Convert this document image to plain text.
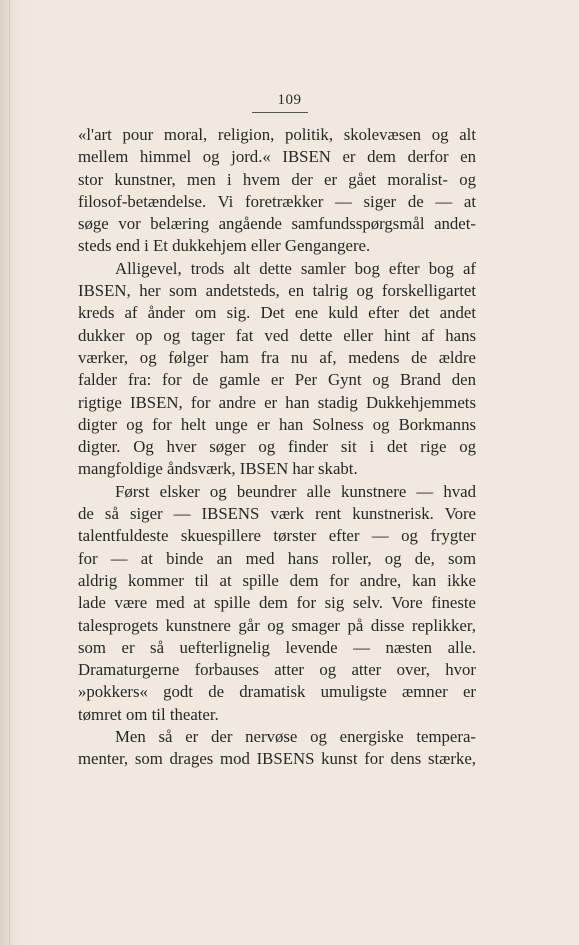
109
«l'art pour moral, religion, politik, skolevæsen og alt
mellem himmel og jord.« IBSEN er dem derfor en
stor kunstner, men i hvem der er gået moralist- og
filosof-betændelse. Vi foretrækker — siger de — at
søge vor belæring angående samfundsspørgsmål andet-
steds end i Et dukkehjem eller Gengangere.
Alligevel, trods alt dette samler bog efter bog af
IBSEN, her som andetsteds, en talrig og forskelligartet
kreds af ånder om sig. Det ene kuld efter det andet
dukker op og tager fat ved dette eller hint af hans
værker, og følger ham fra nu af, medens de ældre
falder fra: for de gamle er Per Gynt og Brand den
rigtige IBSEN, for andre er han stadig Dukkehjemmets
digter og for helt unge er han Solness og Borkmanns
digter. Og hver søger og finder sit i det rige og
mangfoldige åndsværk, IBSEN har skabt.
Først elsker og beundrer alle kunstnere — hvad
de så siger — IBSENS værk rent kunstnerisk. Vore
talentfuldeste skuespillere tørster efter — og frygter
for — at binde an med hans roller, og de, som
aldrig kommer til at spille dem for andre, kan ikke
lade være med at spille dem for sig selv. Vore fineste
talesprogets kunstnere går og smager på disse replikker,
som er så uefterlignelig levende — næsten alle.
Dramaturgerne forbauses atter og atter over, hvor
»pokkers« godt de dramatisk umuligste æmner er
tømret om til theater.
Men så er der nervøse og energiske tempera-
menter, som drages mod IBSENS kunst for dens stærke,
